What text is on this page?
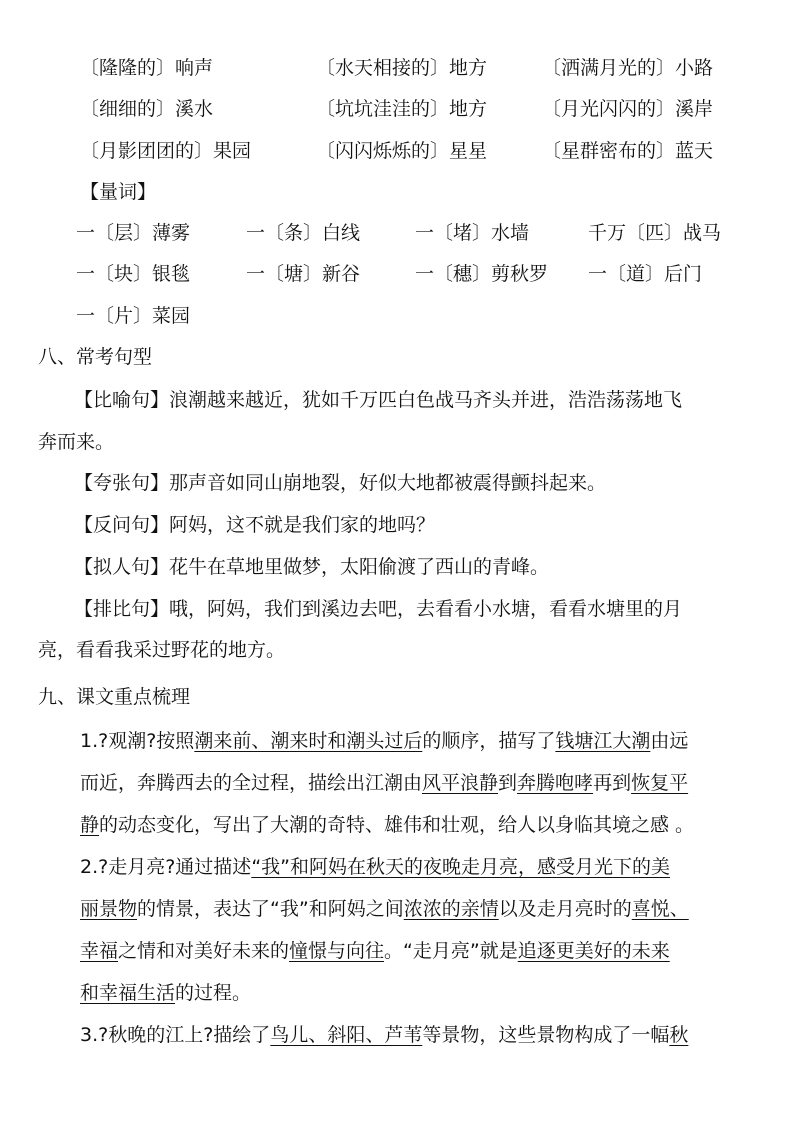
〔隆隆的〕响声	〔水天相接的〕地方	〔洒满月光的〕小路
〔细细的〕溪水	〔坑坑洼洼的〕地方	〔月光闪闪的〕溪岸
〔月影团团的〕果园	〔闪闪烁烁的〕星星	〔星群密布的〕蓝天
【量词】
一〔层〕薄雾	一〔条〕白线	一〔堵〕水墙	千万〔匹〕战马
一〔块〕银毯	一〔塘〕新谷	一〔穗〕剪秋罗 一〔道〕后门
一〔片〕菜园
八、常考句型
【比喻句】浪潮越来越近，犹如千万匹白色战马齐头并进，浩浩荡荡地飞
奔而来。
【夸张句】那声音如同山崩地裂，好似大地都被震得颤抖起来。
【反问句】阿妈，这不就是我们家的地吗？
【拟人句】花牛在草地里做梦，太阳偷渡了西山的青峰。
【排比句】哦，阿妈，我们到溪边去吧，去看看小水塘，看看水塘里的月
亮，看看我采过野花的地方。
九、课文重点梳理
1.?观潮?按照潮来前、潮来时和潮头过后的顺序，描写了钱塘江大潮由远
而近，奔腾西去的全过程，描绘出江潮由风平浪静到奔腾咆哮再到恢复平
静的动态变化，写出了大潮的奇特、雄伟和壮观，给人以身临其境之感 。
2.?走月亮?通过描述“我”和阿妈在秋天的夜晚走月亮，感受月光下的美
丽景物的情景，表达了“我”和阿妈之间浓浓的亲情以及走月亮时的喜悦、
幸福之情和对美好未来的憧憬与向往。“走月亮”就是追逐更美好的未来
和幸福生活的过程。
3.?秋晚的江上?描绘了鸟儿、斜阳、芦苇等景物，这些景物构成了一幅秋
